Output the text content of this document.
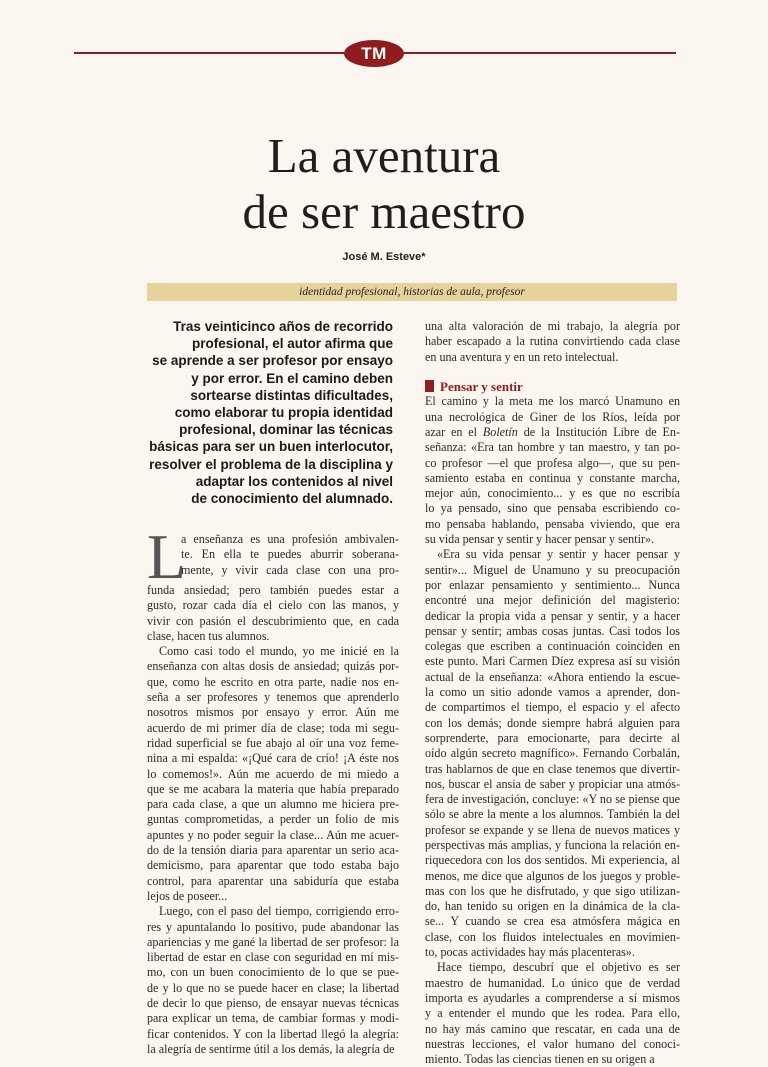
TM
La aventura
de ser maestro
José M. Esteve*
identidad profesional, historias de aula, profesor
Tras veinticinco años de recorrido
profesional, el autor afirma que
se aprende a ser profesor por ensayo
y por error. En el camino deben
sortearse distintas dificultades,
como elaborar tu propia identidad
profesional, dominar las técnicas
básicas para ser un buen interlocutor,
resolver el problema de la disciplina y
adaptar los contenidos al nivel
de conocimiento del alumnado.
L
a enseñanza es una profesión ambivalen-
te. En ella te puedes aburrir soberana-
mente, y vivir cada clase con una pro-
funda ansiedad; pero también puedes estar a
gusto, rozar cada día el cielo con las manos, y
vivir con pasión el descubrimiento que, en cada
clase, hacen tus alumnos.
Como casi todo el mundo, yo me inicié en la
enseñanza con altas dosis de ansiedad; quizás por-
que, como he escrito en otra parte, nadie nos en-
seña a ser profesores y tenemos que aprenderlo
nosotros mismos por ensayo y error. Aún me
acuerdo de mi primer día de clase; toda mi segu-
ridad superficial se fue abajo al oír una voz feme-
nina a mi espalda: «¡Qué cara de crío! ¡A éste nos
lo comemos!». Aún me acuerdo de mi miedo a
que se me acabara la materia que había preparado
para cada clase, a que un alumno me hiciera pre-
guntas comprometidas, a perder un folio de mis
apuntes y no poder seguir la clase... Aún me acuer-
do de la tensión diaria para aparentar un serio aca-
demicismo, para aparentar que todo estaba bajo
control, para aparentar una sabiduría que estaba
lejos de poseer...
Luego, con el paso del tiempo, corrigiendo erro-
res y apuntalando lo positivo, pude abandonar las
apariencias y me gané la libertad de ser profesor: la
libertad de estar en clase con seguridad en mí mis-
mo, con un buen conocimiento de lo que se pue-
de y lo que no se puede hacer en clase; la libertad
de decir lo que pienso, de ensayar nuevas técnicas
para explicar un tema, de cambiar formas y modi-
ficar contenidos. Y con la libertad llegó la alegría:
la alegría de sentirme útil a los demás, la alegría de
una alta valoración de mi trabajo, la alegría por
haber escapado a la rutina convirtiendo cada clase
en una aventura y en un reto intelectual.
Pensar y sentir
El camino y la meta me los marcó Unamuno en
una necrológica de Giner de los Ríos, leída por
azar en el Boletín de la Institución Libre de En-
señanza: «Era tan hombre y tan maestro, y tan po-
co profesor —el que profesa algo—, que su pen-
samiento estaba en continua y constante marcha,
mejor aún, conocimiento... y es que no escribía
lo ya pensado, sino que pensaba escribiendo co-
mo pensaba hablando, pensaba viviendo, que era
su vida pensar y sentir y hacer pensar y sentir».
«Era su vida pensar y sentir y hacer pensar y
sentir»... Miguel de Unamuno y su preocupación
por enlazar pensamiento y sentimiento... Nunca
encontré una mejor definición del magisterio:
dedicar la propia vida a pensar y sentir, y a hacer
pensar y sentir; ambas cosas juntas. Casi todos los
colegas que escriben a continuación coinciden en
este punto. Mari Carmen Díez expresa así su visión
actual de la enseñanza: «Ahora entiendo la escue-
la como un sitio adonde vamos a aprender, don-
de compartimos el tiempo, el espacio y el afecto
con los demás; donde siempre habrá alguien para
sorprenderte, para emocionarte, para decirte al
oído algún secreto magnífico». Fernando Corbalán,
tras hablarnos de que en clase tenemos que divertir-
nos, buscar el ansia de saber y propiciar una atmós-
fera de investigación, concluye: «Y no se piense que
sólo se abre la mente a los alumnos. También la del
profesor se expande y se llena de nuevos matices y
perspectivas más amplias, y funciona la relación en-
riquecedora con los dos sentidos. Mi experiencia, al
menos, me dice que algunos de los juegos y proble-
mas con los que he disfrutado, y que sigo utilizan-
do, han tenido su origen en la dinámica de la cla-
se... Y cuando se crea esa atmósfera mágica en
clase, con los fluidos intelectuales en movimien-
to, pocas actividades hay más placenteras».
Hace tiempo, descubrí que el objetivo es ser
maestro de humanidad. Lo único que de verdad
importa es ayudarles a comprenderse a sí mismos
y a entender el mundo que les rodea. Para ello,
no hay más camino que rescatar, en cada una de
nuestras lecciones, el valor humano del conoci-
miento. Todas las ciencias tienen en su origen a
